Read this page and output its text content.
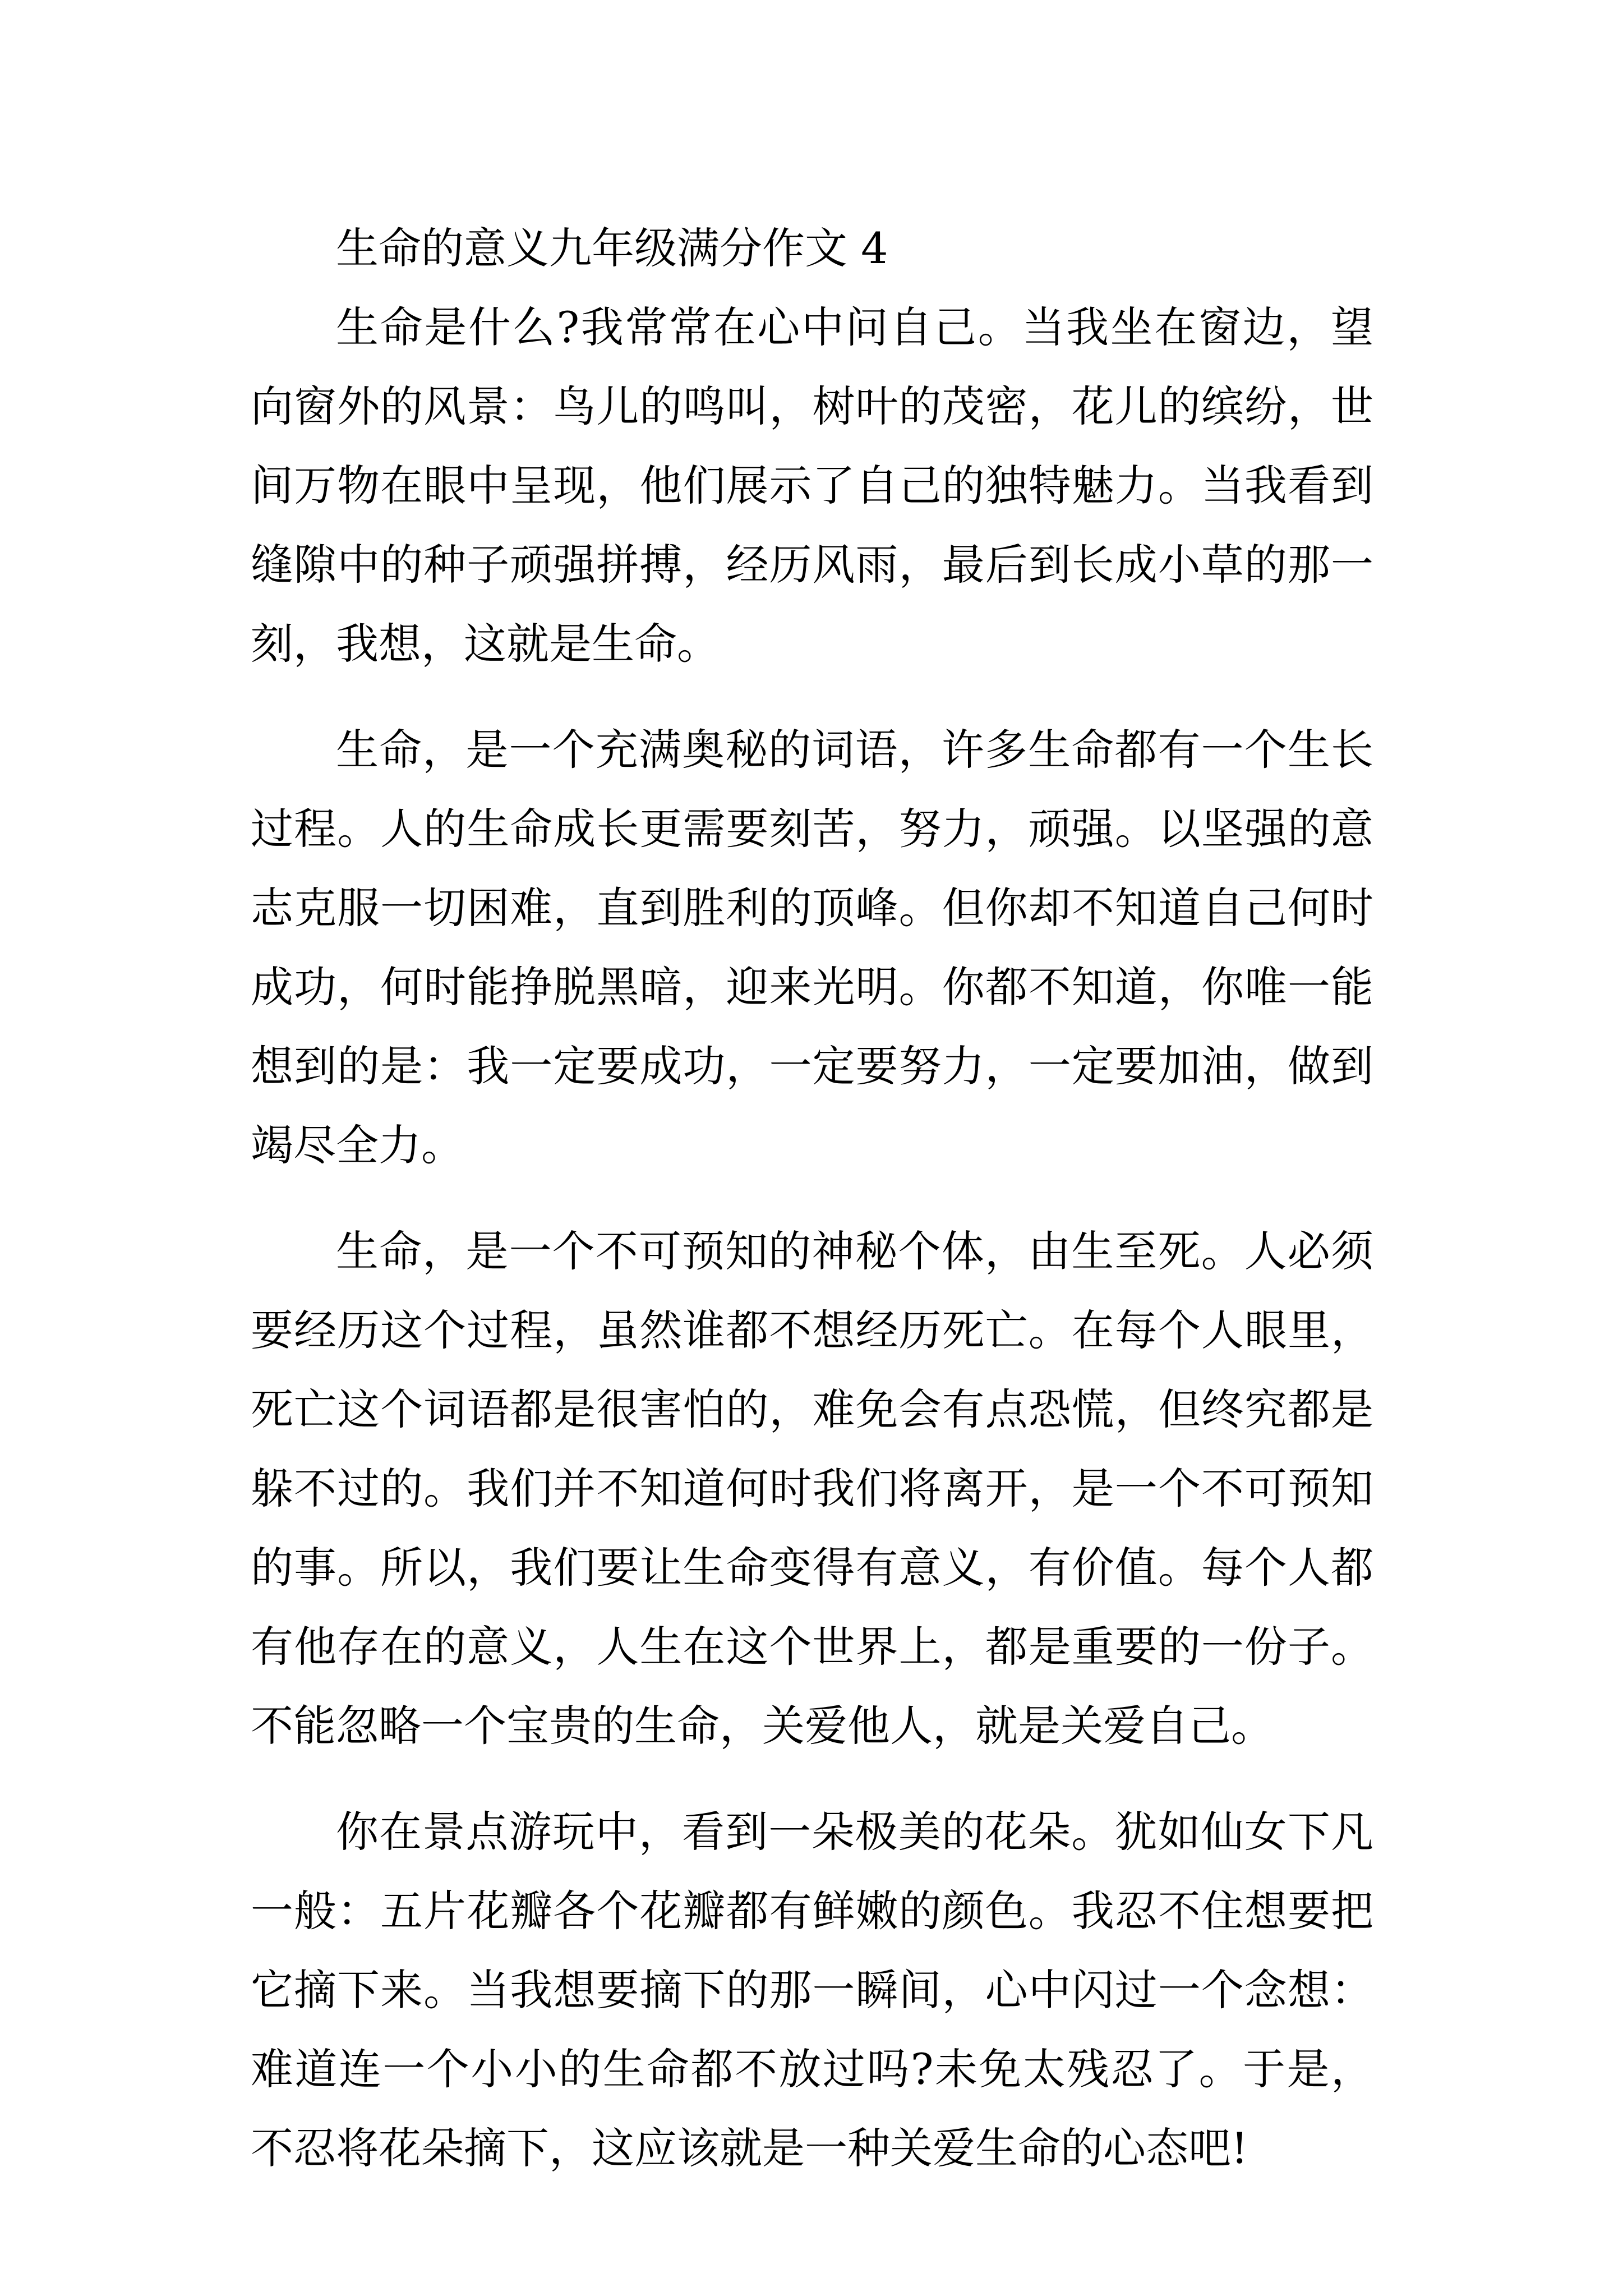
生命的意义九年级满分作文 4

生命是什么?我常常在心中问自己。当我坐在窗边，望向窗外的风景：鸟儿的鸣叫，树叶的茂密，花儿的缤纷，世间万物在眼中呈现，他们展示了自己的独特魅力。当我看到缝隙中的种子顽强拼搏，经历风雨，最后到长成小草的那一刻，我想，这就是生命。

生命，是一个充满奥秘的词语，许多生命都有一个生长过程。人的生命成长更需要刻苦，努力，顽强。以坚强的意志克服一切困难，直到胜利的顶峰。但你却不知道自己何时成功，何时能挣脱黑暗，迎来光明。你都不知道，你唯一能想到的是：我一定要成功，一定要努力，一定要加油，做到竭尽全力。

生命，是一个不可预知的神秘个体，由生至死。人必须要经历这个过程，虽然谁都不想经历死亡。在每个人眼里，死亡这个词语都是很害怕的，难免会有点恐慌，但终究都是躲不过的。我们并不知道何时我们将离开，是一个不可预知的事。所以，我们要让生命变得有意义，有价值。每个人都有他存在的意义，人生在这个世界上，都是重要的一份子。不能忽略一个宝贵的生命，关爱他人，就是关爱自己。

你在景点游玩中，看到一朵极美的花朵。犹如仙女下凡一般：五片花瓣各个花瓣都有鲜嫩的颜色。我忍不住想要把它摘下来。当我想要摘下的那一瞬间，心中闪过一个念想：难道连一个小小的生命都不放过吗?未免太残忍了。于是，不忍将花朵摘下，这应该就是一种关爱生命的心态吧!
